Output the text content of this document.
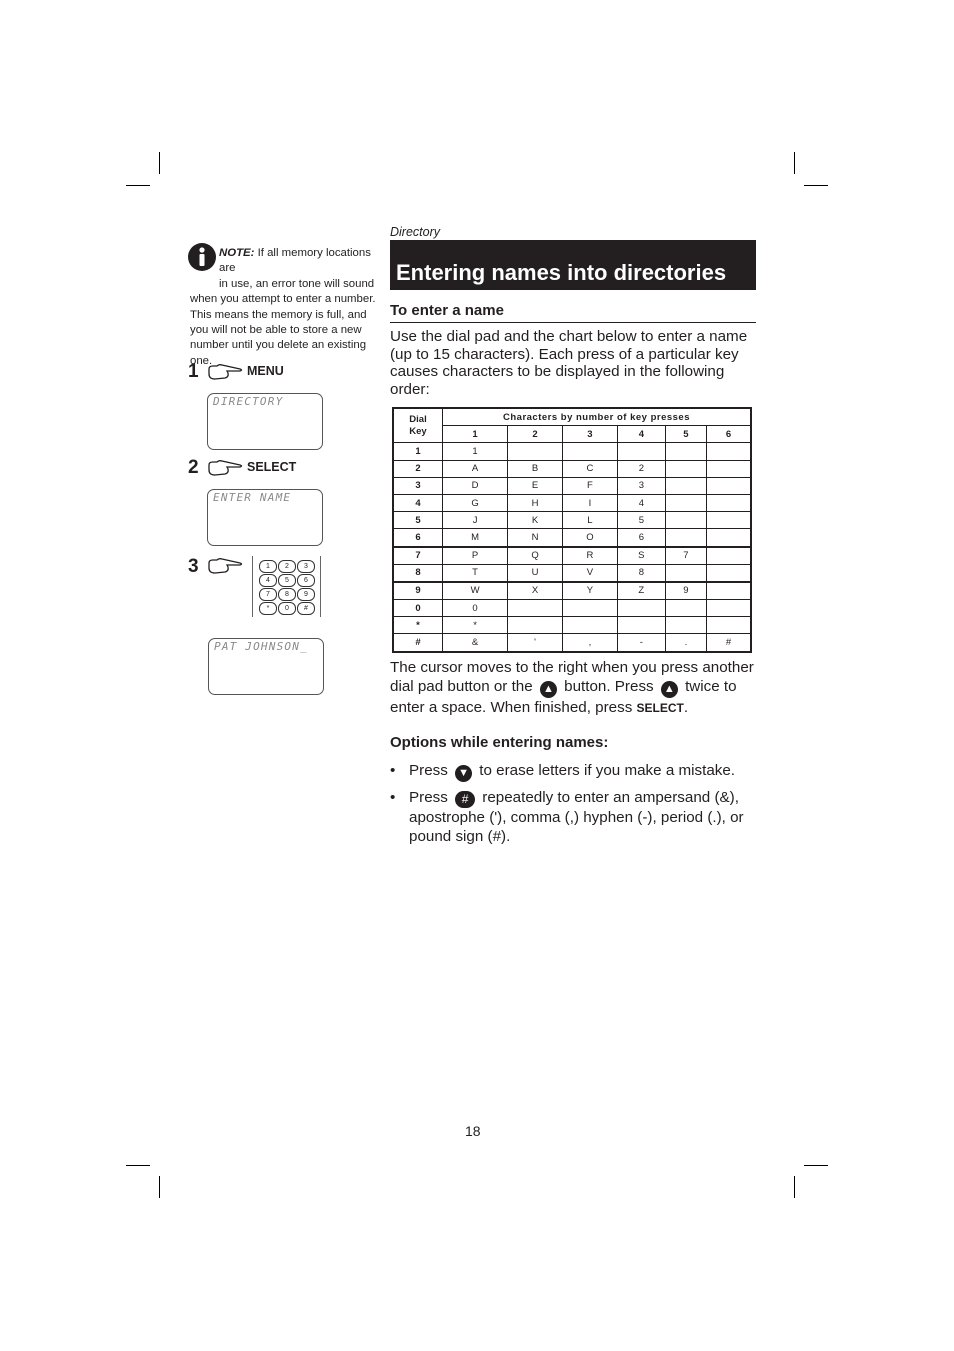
NOTE: If all memory locations are
in use, an error tone will sound
when you attempt to enter a number. This means the memory is full, and you will not be able to store a new number until you delete an existing one.
1	MENU
DIRECTORY
2	SELECT
ENTER NAME
3	1	2	3
4	5	6
7	8	9
*	0	#
PAT JOHNSON_
Directory
Entering names into directories
To enter a name
Use the dial pad and the chart below to enter a name (up to 15 characters). Each press of a particular key causes characters to be displayed in the following order:
Dial
Key	Characters by number of key presses					
	1	2	3	4	5	6
1	1					
2	A	B	C	2		
3	D	E	F	3		
4	G	H	I	4		
5	J	K	L	5		
6	M	N	O	6		
7	P	Q	R	S	7	
8	T	U	V	8		
9	W	X	Y	Z	9	
0	0					
*	*					
#	&	'	,	-	.	#
The cursor moves to the right when you press another dial pad button or the ▲ button. Press ▲ twice to enter a space. When finished, press SELECT.
Options while entering names:
• Press ▼ to erase letters if you make a mistake.
• Press # repeatedly to enter an ampersand (&), apostrophe ('), comma (,) hyphen (-), period (.), or pound sign (#).
18
